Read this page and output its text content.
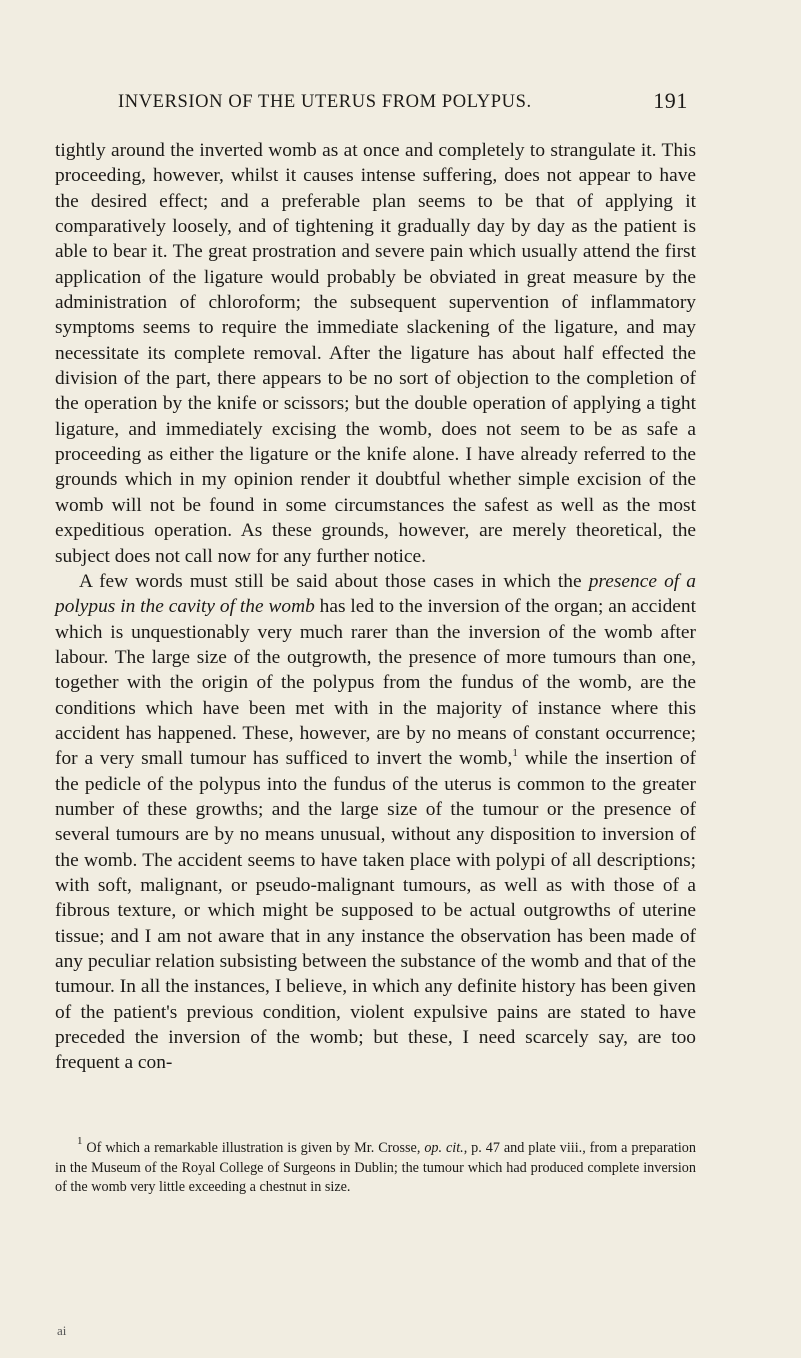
INVERSION OF THE UTERUS FROM POLYPUS.	191

tightly around the inverted womb as at once and completely to strangulate it. This proceeding, however, whilst it causes intense suffering, does not appear to have the desired effect; and a preferable plan seems to be that of applying it comparatively loosely, and of tightening it gradually day by day as the patient is able to bear it. The great prostration and severe pain which usually attend the first application of the ligature would probably be obviated in great measure by the administration of chloroform; the subsequent supervention of inflammatory symptoms seems to require the immediate slackening of the ligature, and may necessitate its complete removal. After the ligature has about half effected the division of the part, there appears to be no sort of objection to the completion of the operation by the knife or scissors; but the double operation of applying a tight ligature, and immediately excising the womb, does not seem to be as safe a proceeding as either the ligature or the knife alone. I have already referred to the grounds which in my opinion render it doubtful whether simple excision of the womb will not be found in some circumstances the safest as well as the most expeditious operation. As these grounds, however, are merely theoretical, the subject does not call now for any further notice.

A few words must still be said about those cases in which the presence of a polypus in the cavity of the womb has led to the inversion of the organ; an accident which is unquestionably very much rarer than the inversion of the womb after labour. The large size of the outgrowth, the presence of more tumours than one, together with the origin of the polypus from the fundus of the womb, are the conditions which have been met with in the majority of instance where this accident has happened. These, however, are by no means of constant occurrence; for a very small tumour has sufficed to invert the womb,$^1$ while the insertion of the pedicle of the polypus into the fundus of the uterus is common to the greater number of these growths; and the large size of the tumour or the presence of several tumours are by no means unusual, without any disposition to inversion of the womb. The accident seems to have taken place with polypi of all descriptions; with soft, malignant, or pseudo-malignant tumours, as well as with those of a fibrous texture, or which might be supposed to be actual outgrowths of uterine tissue; and I am not aware that in any instance the observation has been made of any peculiar relation subsisting between the substance of the womb and that of the tumour. In all the instances, I believe, in which any definite history has been given of the patient's previous condition, violent expulsive pains are stated to have preceded the inversion of the womb; but these, I need scarcely say, are too frequent a con-

$^1$ Of which a remarkable illustration is given by Mr. Crosse, op. cit., p. 47 and plate viii., from a preparation in the Museum of the Royal College of Surgeons in Dublin; the tumour which had produced complete inversion of the womb very little exceeding a chestnut in size.
ai
